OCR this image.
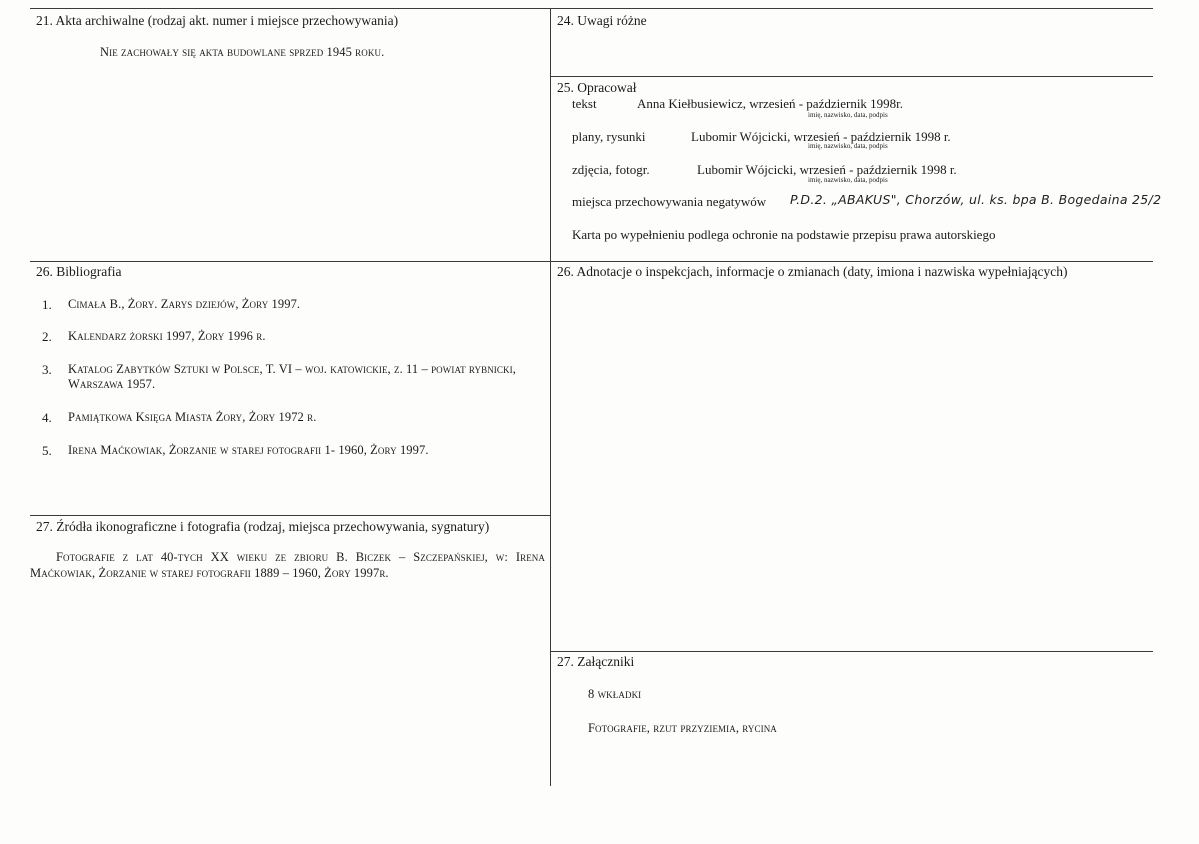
21. Akta archiwalne (rodzaj akt. numer i miejsce przechowywania)
Nie zachowały się akta budowlane sprzed 1945 roku.
24. Uwagi różne
25. Opracował
tekst	Anna Kiełbusiewicz, wrzesień - październik 1998r.
imię, nazwisko, data, podpis
plany, rysunki	Lubomir Wójcicki, wrzesień - październik 1998 r.
imię, nazwisko, data, podpis
zdjęcia, fotogr.	Lubomir Wójcicki, wrzesień - październik 1998 r.
imię, nazwisko, data, podpis
miejsca przechowywania negatywów P.D.2. „ABAKUS", Chorzów, ul. ks. bpa B. Bogedaina 25/2
Karta po wypełnieniu podlega ochronie na podstawie przepisu prawa autorskiego
26. Bibliografia
1. Cimała B., Żory. Zarys dziejów, Żory 1997.
2. Kalendarz żorski 1997, Żory 1996 r.
3. Katalog Zabytków Sztuki w Polsce, T. VI – woj. katowickie, z. 11 – powiat rybnicki, Warszawa 1957.
4. Pamiątkowa Księga Miasta Żory, Żory 1972 r.
5. Irena Maćkowiak, Żorzanie w starej fotografii 1- 1960, Żory 1997.
26. Adnotacje o inspekcjach, informacje o zmianach (daty, imiona i nazwiska wypełniających)
27. Źródła ikonograficzne i fotografia (rodzaj, miejsca przechowywania, sygnatury)
Fotografie z lat 40-tych XX wieku ze zbioru B. Biczek – Szczepańskiej, w: Irena Maćkowiak, Żorzanie w starej fotografii 1889 – 1960, Żory 1997r.
27. Załączniki
8 wkładki
Fotografie, rzut przyziemia, rycina
